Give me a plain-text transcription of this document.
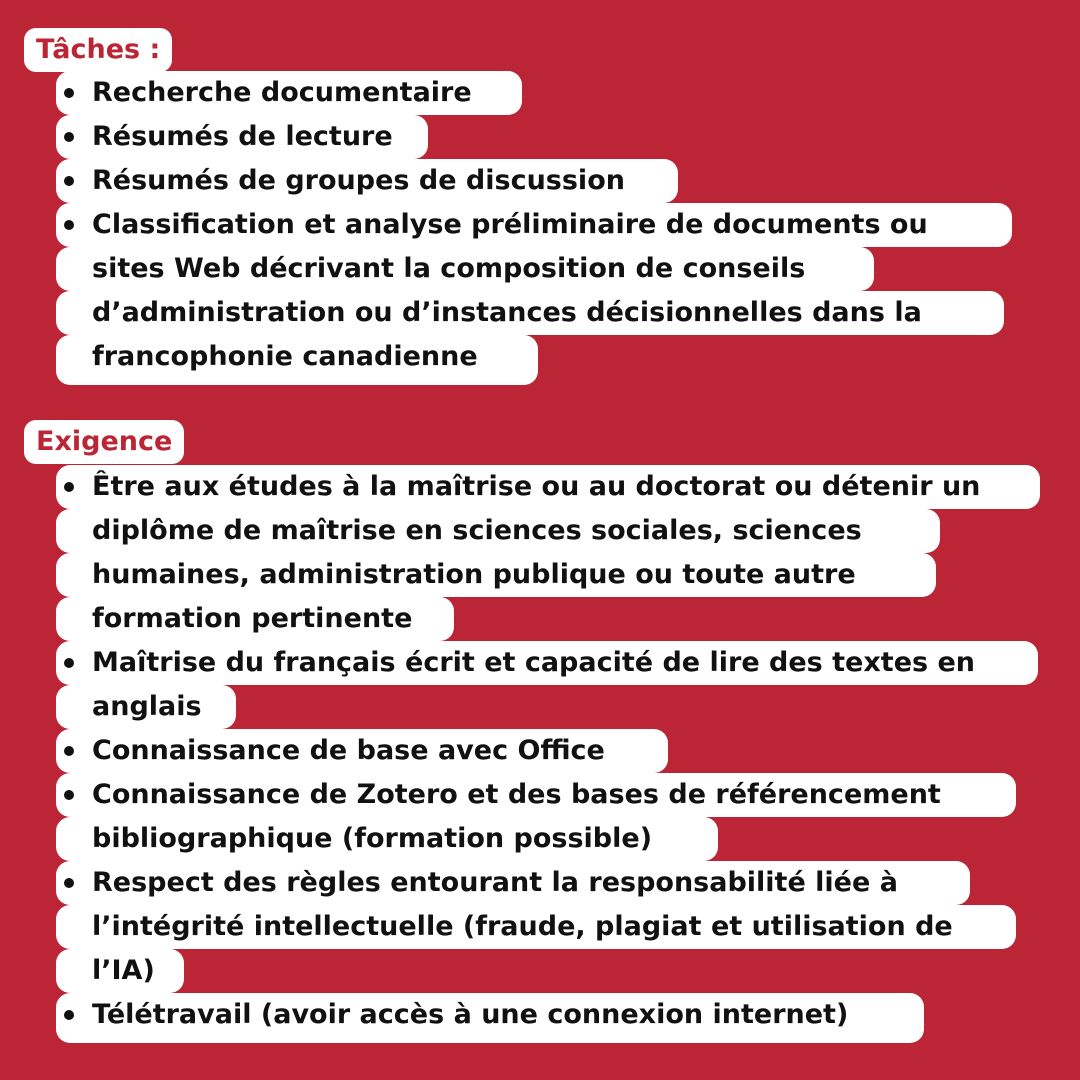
Tâches :
Recherche documentaire
Résumés de lecture
Résumés de groupes de discussion
Classification et analyse préliminaire de documents ou
sites Web décrivant la composition de conseils
d’administration ou d’instances décisionnelles dans la
francophonie canadienne
Exigence
Être aux études à la maîtrise ou au doctorat ou détenir un
diplôme de maîtrise en sciences sociales, sciences
humaines, administration publique ou toute autre
formation pertinente
Maîtrise du français écrit et capacité de lire des textes en
anglais
Connaissance de base avec Office
Connaissance de Zotero et des bases de référencement
bibliographique (formation possible)
Respect des règles entourant la responsabilité liée à
l’intégrité intellectuelle (fraude, plagiat et utilisation de
l’IA)
Télétravail (avoir accès à une connexion internet)
